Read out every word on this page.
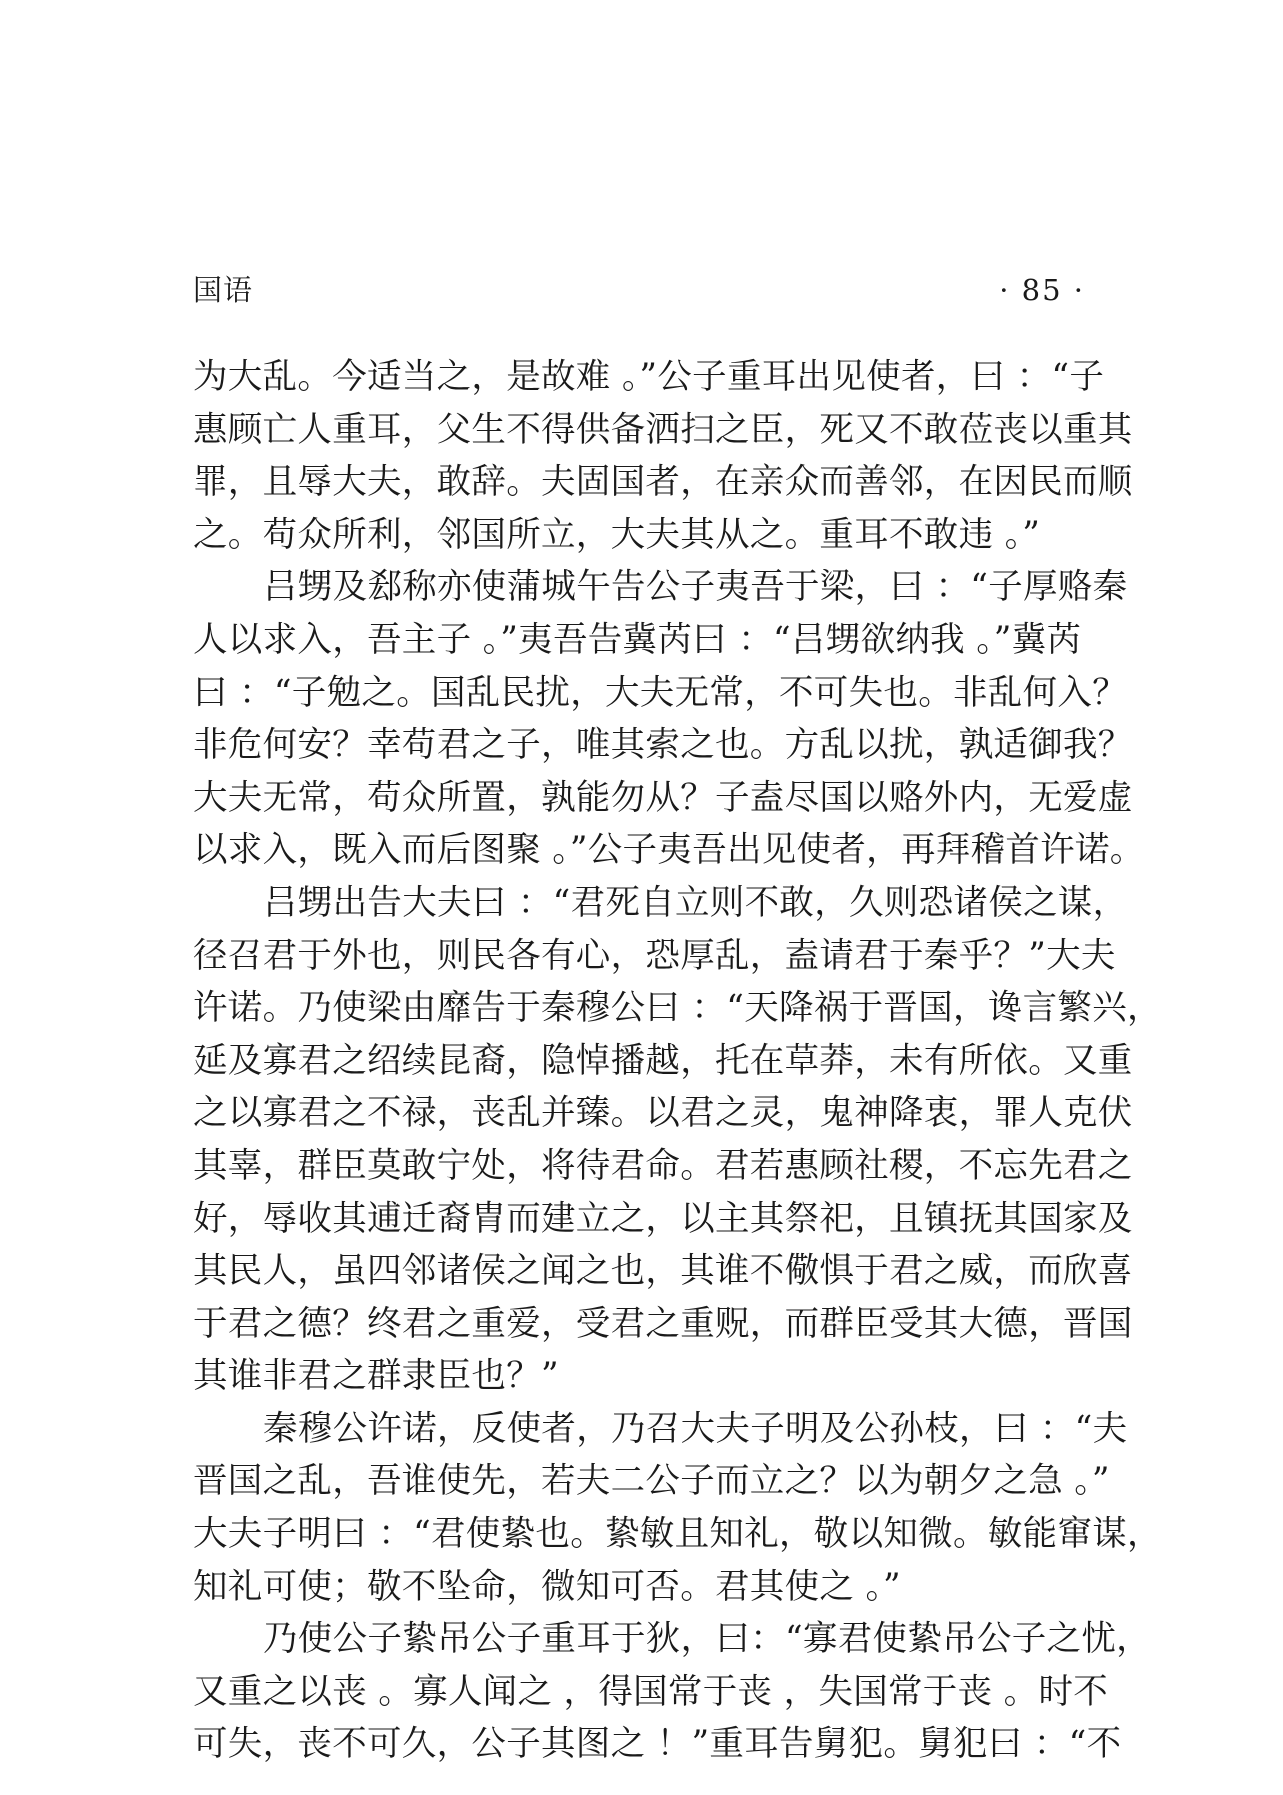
国语	· 85 ·
为大乱。今适当之，是故难 。”公子重耳出见使者，曰 ：“子
惠顾亡人重耳，父生不得供备洒扫之臣，死又不敢莅丧以重其
罪，且辱大夫，敢辞。夫固国者，在亲众而善邻，在因民而顺
之。苟众所利，邻国所立，大夫其从之。重耳不敢违 。”
吕甥及郄称亦使蒲城午告公子夷吾于梁，曰 ：“子厚赂秦
人以求入，吾主子 。”夷吾告冀芮曰 ：“吕甥欲纳我 。”冀芮
曰 ：“子勉之。国乱民扰，大夫无常，不可失也。非乱何入？
非危何安？幸苟君之子，唯其索之也。方乱以扰，孰适御我？
大夫无常，苟众所置，孰能勿从？子盍尽国以赂外内，无爱虚
以求入，既入而后图聚 。”公子夷吾出见使者，再拜稽首许诺。
吕甥出告大夫曰 ：“君死自立则不敢，久则恐诸侯之谋，
径召君于外也，则民各有心，恐厚乱，盍请君于秦乎？”大夫
许诺。乃使梁由靡告于秦穆公曰 ：“天降祸于晋国，谗言繁兴，
延及寡君之绍续昆裔，隐悼播越，托在草莽，未有所依。又重
之以寡君之不禄，丧乱并臻。以君之灵，鬼神降衷，罪人克伏
其辜，群臣莫敢宁处，将待君命。君若惠顾社稷，不忘先君之
好，辱收其逋迁裔胄而建立之，以主其祭祀，且镇抚其国家及
其民人，虽四邻诸侯之闻之也，其谁不儆惧于君之威，而欣喜
于君之德？终君之重爱，受君之重贶，而群臣受其大德，晋国
其谁非君之群隶臣也？”
秦穆公许诺，反使者，乃召大夫子明及公孙枝，曰 ：“夫
晋国之乱，吾谁使先，若夫二公子而立之？以为朝夕之急 。”
大夫子明曰 ：“君使絷也。絷敏且知礼，敬以知微。敏能窜谋，
知礼可使；敬不坠命，微知可否。君其使之 。”
乃使公子絷吊公子重耳于狄，曰：“寡君使絷吊公子之忧，
又重之以丧 。寡人闻之 ，得国常于丧 ，失国常于丧 。时不
可失，丧不可久，公子其图之 ！”重耳告舅犯。舅犯曰 ：“不
